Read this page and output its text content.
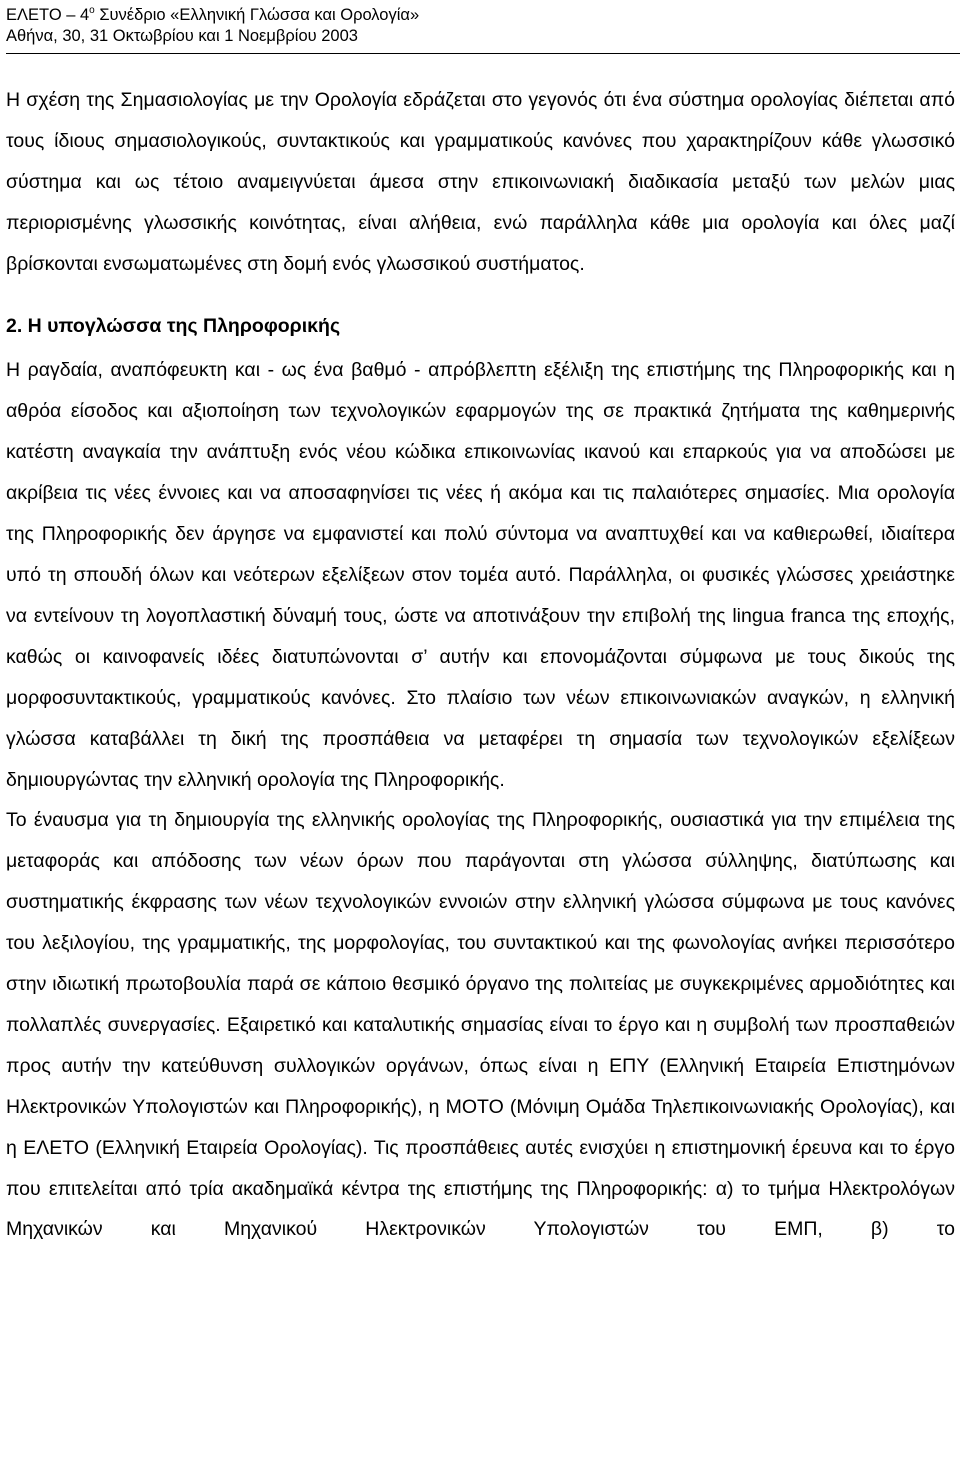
ΕΛΕΤΟ – $4^o$ Συνέδριο «Ελληνική Γλώσσα και Ορολογία»
Αθήνα, 30, 31 Οκτωβρίου και 1 Νοεμβρίου 2003

Η σχέση της Σημασιολογίας με την Ορολογία εδράζεται στο γεγονός ότι ένα σύστημα ορολογίας διέπεται από τους ίδιους σημασιολογικούς, συντακτικούς και γραμματικούς κανόνες που χαρακτηρίζουν κάθε γλωσσικό σύστημα και ως τέτοιο αναμειγνύεται άμεσα στην επικοινωνιακή διαδικασία μεταξύ των μελών μιας περιορισμένης γλωσσικής κοινότητας, είναι αλήθεια, ενώ παράλληλα κάθε μια ορολογία και όλες μαζί βρίσκονται ενσωματωμένες στη δομή ενός γλωσσικού συστήματος.

2. Η υπογλώσσα της Πληροφορικής

Η ραγδαία, αναπόφευκτη και - ως ένα βαθμό - απρόβλεπτη εξέλιξη της επιστήμης της Πληροφορικής και η αθρόα είσοδος και αξιοποίηση των τεχνολογικών εφαρμογών της σε πρακτικά ζητήματα της καθημερινής κατέστη αναγκαία την ανάπτυξη ενός νέου κώδικα επικοινωνίας ικανού και επαρκούς για να αποδώσει με ακρίβεια τις νέες έννοιες και να αποσαφηνίσει τις νέες ή ακόμα και τις παλαιότερες σημασίες. Μια ορολογία της Πληροφορικής δεν άργησε να εμφανιστεί και πολύ σύντομα να αναπτυχθεί και να καθιερωθεί, ιδιαίτερα υπό τη σπουδή όλων και νεότερων εξελίξεων στον τομέα αυτό. Παράλληλα, οι φυσικές γλώσσες χρειάστηκε να εντείνουν τη λογοπλαστική δύναμή τους, ώστε να αποτινάξουν την επιβολή της lingua franca της εποχής, καθώς οι καινοφανείς ιδέες διατυπώνονται σ’ αυτήν και επονομάζονται σύμφωνα με τους δικούς της μορφοσυντακτικούς, γραμματικούς κανόνες. Στο πλαίσιο των νέων επικοινωνιακών αναγκών, η ελληνική γλώσσα καταβάλλει τη δική της προσπάθεια να μεταφέρει τη σημασία των τεχνολογικών εξελίξεων δημιουργώντας την ελληνική ορολογία της Πληροφορικής.

Το έναυσμα για τη δημιουργία της ελληνικής ορολογίας της Πληροφορικής, ουσιαστικά για την επιμέλεια της μεταφοράς και απόδοσης των νέων όρων που παράγονται στη γλώσσα σύλληψης, διατύπωσης και συστηματικής έκφρασης των νέων τεχνολογικών εννοιών στην ελληνική γλώσσα σύμφωνα με τους κανόνες του λεξιλογίου, της γραμματικής, της μορφολογίας, του συντακτικού και της φωνολογίας ανήκει περισσότερο στην ιδιωτική πρωτοβουλία παρά σε κάποιο θεσμικό όργανο της πολιτείας με συγκεκριμένες αρμοδιότητες και πολλαπλές συνεργασίες. Εξαιρετικό και καταλυτικής σημασίας είναι το έργο και η συμβολή των προσπαθειών προς αυτήν την κατεύθυνση συλλογικών οργάνων, όπως είναι η ΕΠΥ (Ελληνική Εταιρεία Επιστημόνων Ηλεκτρονικών Υπολογιστών και Πληροφορικής), η ΜΟΤΟ (Μόνιμη Ομάδα Τηλεπικοινωνιακής Ορολογίας), και η ΕΛΕΤΟ (Ελληνική Εταιρεία Ορολογίας). Τις προσπάθειες αυτές ενισχύει η επιστημονική έρευνα και το έργο που επιτελείται από τρία ακαδημαϊκά κέντρα της επιστήμης της Πληροφορικής: α) το τμήμα Ηλεκτρολόγων Μηχανικών και Μηχανικού Ηλεκτρονικών Υπολογιστών του ΕΜΠ, β) το
